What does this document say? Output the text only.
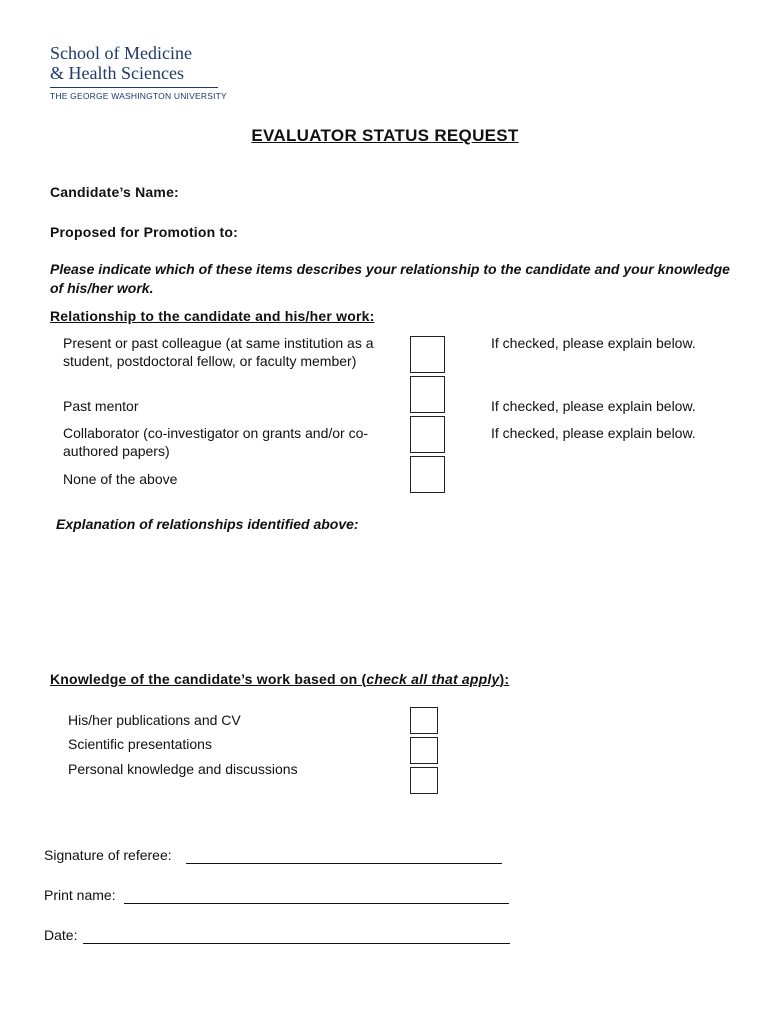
School of Medicine
& Health Sciences
THE GEORGE WASHINGTON UNIVERSITY
EVALUATOR STATUS REQUEST
Candidate’s Name:
Proposed for Promotion to:
Please indicate which of these items describes your relationship to the candidate and your knowledge of his/her work.
Relationship to the candidate and his/her work:
Present or past colleague (at same institution as a student, postdoctoral fellow, or faculty member)
Past mentor
Collaborator (co-investigator on grants and/or co-authored papers)
None of the above
If checked, please explain below.
If checked, please explain below.
If checked, please explain below.
Explanation of relationships identified above:
Knowledge of the candidate’s work based on (check all that apply):
His/her publications and CV
Scientific presentations
Personal knowledge and discussions
Signature of referee:
Print name:
Date:
